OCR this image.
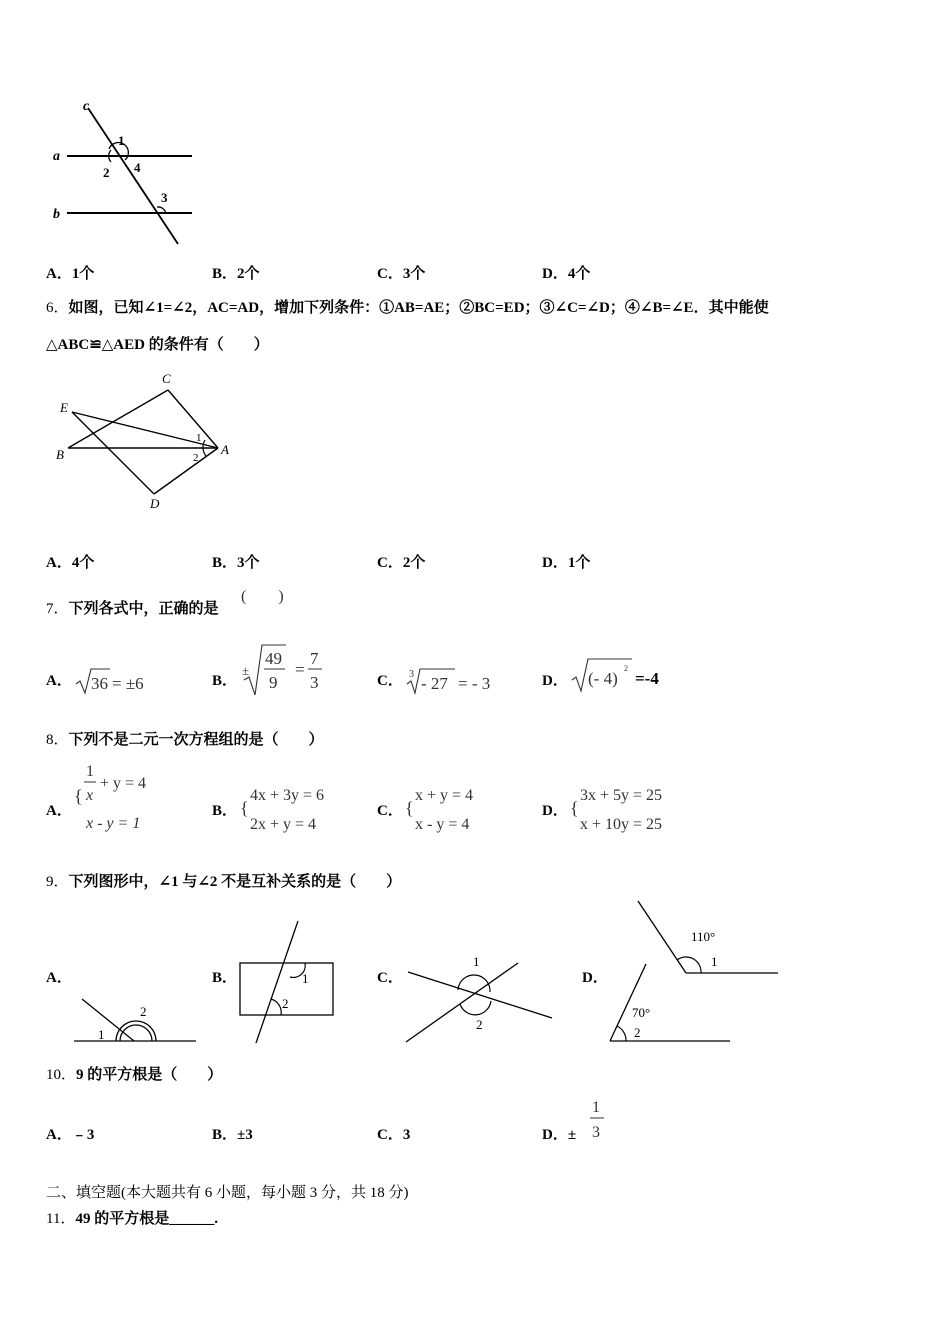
c
a
b
1
2
3
4
A．1个	B．2个	C．3个	D．4个
6．如图，已知∠1=∠2，AC=AD，增加下列条件：①AB=AE；②BC=ED；③∠C=∠D；④∠B=∠E．其中能使
△ABC≌△AED 的条件有（　　）
C
E
B	A
D
1
2
A．4个	B．3个	C．2个	D．1个
7．下列各式中，正确的是
(　　)
A． 36 = ±6	B．
±
49
9
=
7
3	C． 3 - 27 = - 3	D． (- 4)
2
=-4
8．下列不是二元一次方程组的是（　　）
A．
{
1
x
+ y = 4
x - y = 1
B． {
4x + 3y = 6
2x + y = 4
C． {
x + y = 4
x - y = 4
D． {
3x + 5y = 25
x + 10y = 25
9．下列图形中，∠1 与∠2 不是互补关系的是（　　）
A．
1
2
B．	1
2
C．
1
2
D．
110°
1
70°
2
10．9 的平方根是（　　）
A．﹣3	B．±3	C．3	D．±
1
3
二、填空题(本大题共有 6 小题，每小题 3 分，共 18 分)
11．49 的平方根是______.
